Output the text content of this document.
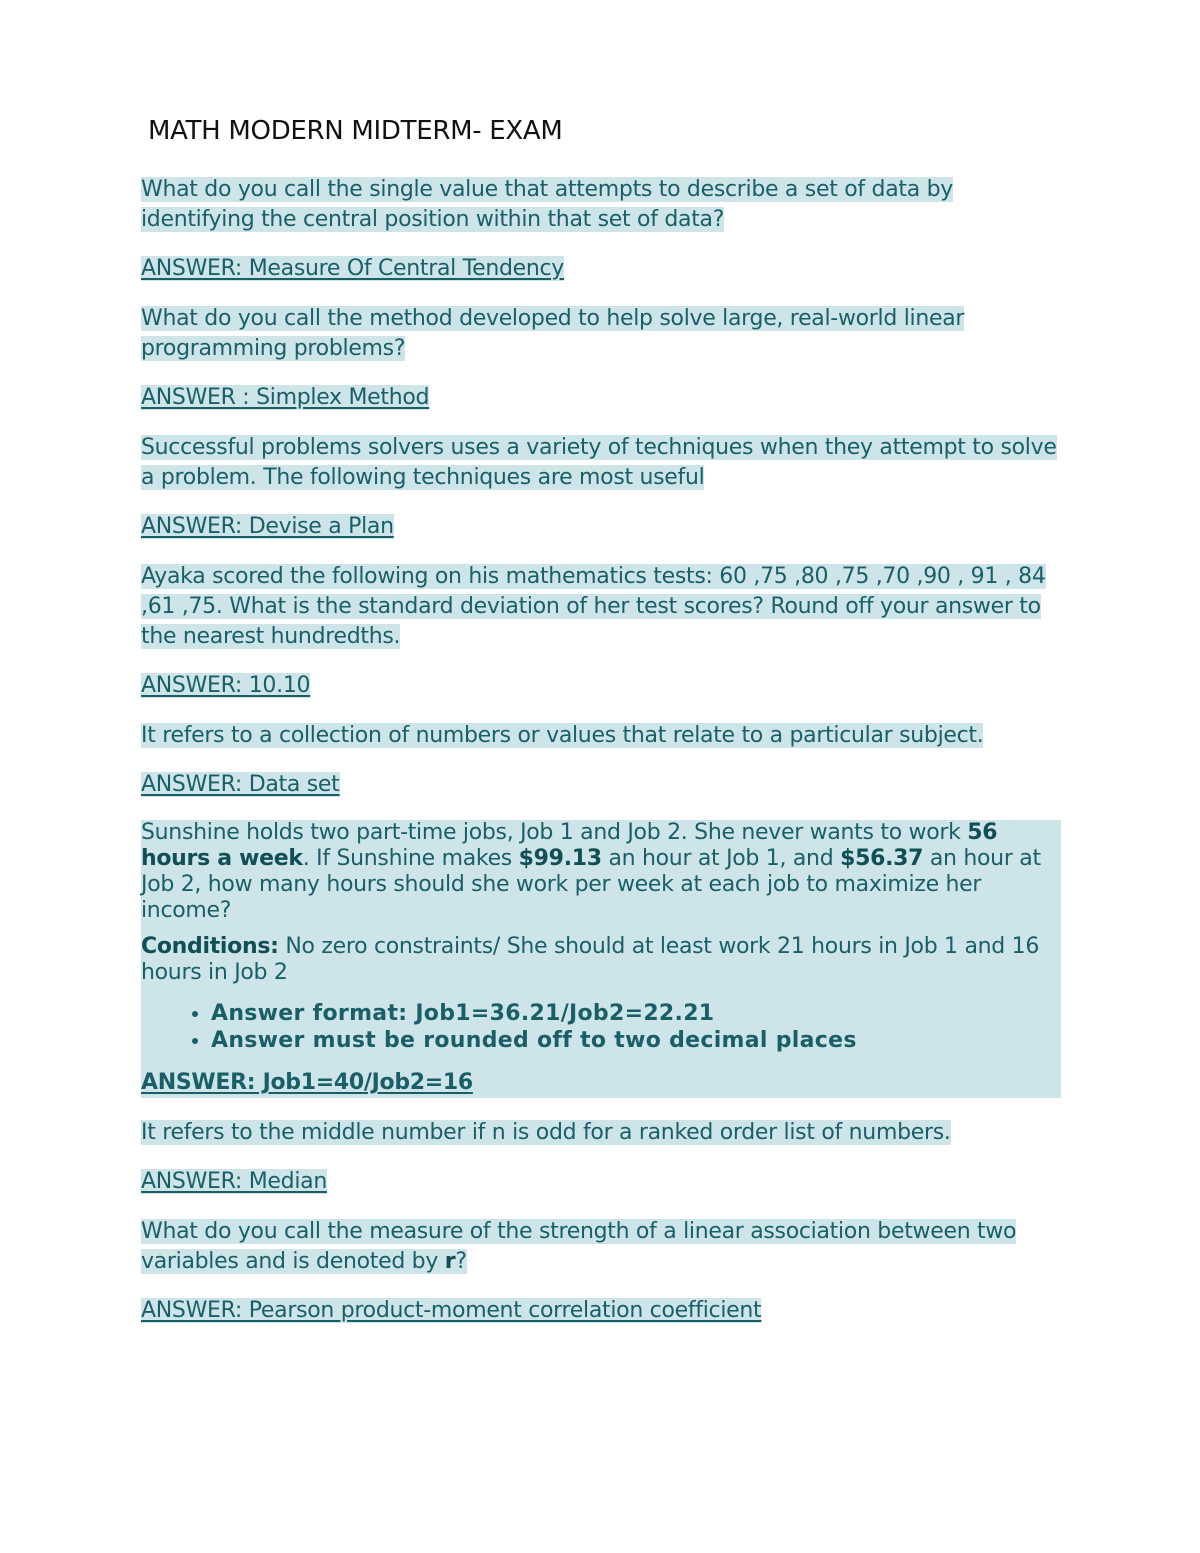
MATH MODERN MIDTERM- EXAM

What do you call the single value that attempts to describe a set of data by identifying the central position within that set of data?

ANSWER: Measure Of Central Tendency

What do you call the method developed to help solve large, real-world linear programming problems?

ANSWER : Simplex Method

Successful problems solvers uses a variety of techniques when they attempt to solve a problem. The following techniques are most useful

ANSWER: Devise a Plan

Ayaka scored the following on his mathematics tests: 60 ,75 ,80 ,75 ,70 ,90 , 91 , 84 ,61 ,75. What is the standard deviation of her test scores? Round off your answer to the nearest hundredths.

ANSWER: 10.10

It refers to a collection of numbers or values that relate to a particular subject.

ANSWER: Data set

Sunshine holds two part-time jobs, Job 1 and Job 2. She never wants to work 56 hours a week. If Sunshine makes $99.13 an hour at Job 1, and $56.37 an hour at Job 2, how many hours should she work per week at each job to maximize her income?

Conditions: No zero constraints/ She should at least work 21 hours in Job 1 and 16 hours in Job 2

• Answer format: Job1=36.21/Job2=22.21
• Answer must be rounded off to two decimal places

ANSWER: Job1=40/Job2=16

It refers to the middle number if n is odd for a ranked order list of numbers.

ANSWER: Median

What do you call the measure of the strength of a linear association between two variables and is denoted by r?

ANSWER: Pearson product-moment correlation coefficient
